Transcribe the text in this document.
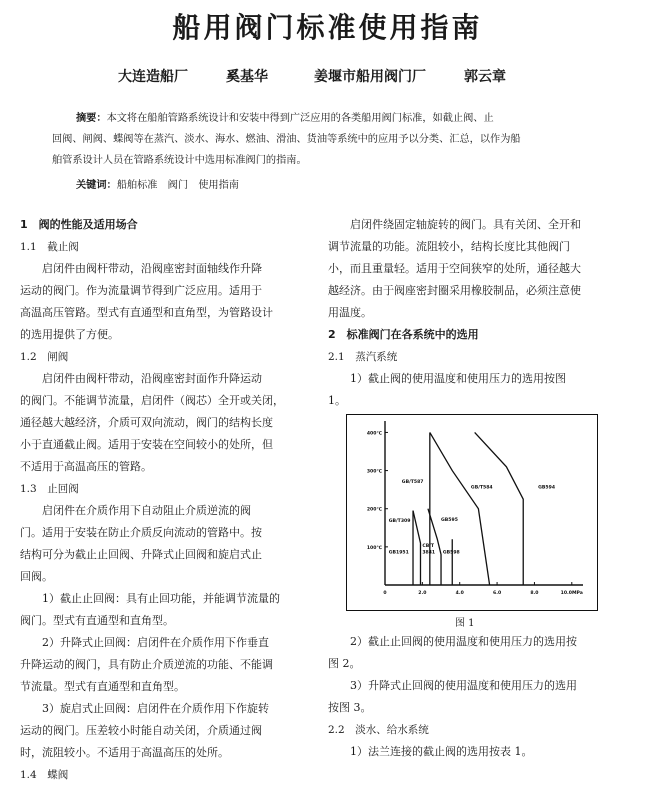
船用阀门标准使用指南
大连造船厂	奚基华	姜堰市船用阀门厂	郭云章
摘要：本文将在船舶管路系统设计和安装中得到广泛应用的各类船用阀门标准，如截止阀、止
回阀、闸阀、蝶阀等在蒸汽、淡水、海水、燃油、滑油、货油等系统中的应用予以分类、汇总，以作为船
舶管系设计人员在管路系统设计中选用标准阀门的指南。
关键词：船舶标准　阀门　使用指南
1　阀的性能及适用场合
1.1　截止阀
启闭件由阀杆带动，沿阀座密封面轴线作升降
运动的阀门。作为流量调节得到广泛应用。适用于
高温高压管路。型式有直通型和直角型，为管路设计
的选用提供了方便。
1.2　闸阀
启闭件由阀杆带动，沿阀座密封面作升降运动
的阀门。不能调节流量，启闭件（阀芯）全开或关闭，
通径越大越经济，介质可双向流动，阀门的结构长度
小于直通截止阀。适用于安装在空间较小的处所，但
不适用于高温高压的管路。
1.3　止回阀
启闭件在介质作用下自动阻止介质逆流的阀
门。适用于安装在防止介质反向流动的管路中。按
结构可分为截止止回阀、升降式止回阀和旋启式止
回阀。
1）截止止回阀：具有止回功能，并能调节流量的
阀门。型式有直通型和直角型。
2）升降式止回阀：启闭件在介质作用下作垂直
升降运动的阀门，具有防止介质逆流的功能、不能调
节流量。型式有直通型和直角型。
3）旋启式止回阀：启闭件在介质作用下作旋转
运动的阀门。压差较小时能自动关闭，介质通过阀
时，流阻较小。不适用于高温高压的处所。
1.4　蝶阀
启闭件绕固定轴旋转的阀门。具有关闭、全开和
调节流量的功能。流阻较小，结构长度比其他阀门
小，而且重量轻。适用于空间狭窄的处所，通径越大
越经济。由于阀座密封圈采用橡胶制品，必须注意使
用温度。
2　标准阀门在各系统中的选用
2.1　蒸汽系统
1）截止阀的使用温度和使用压力的选用按图
1。
0	2.0	4.0	6.0	8.0	10.0MPa
400℃
300℃
200℃
100℃
GB/T587
GB/T584	GB594
GB/T309	GB595
GB1951
CB/T
3841 GB598
图 1
2）截止止回阀的使用温度和使用压力的选用按
图 2。
3）升降式止回阀的使用温度和使用压力的选用
按图 3。
2.2　淡水、给水系统
1）法兰连接的截止阀的选用按表 1。
